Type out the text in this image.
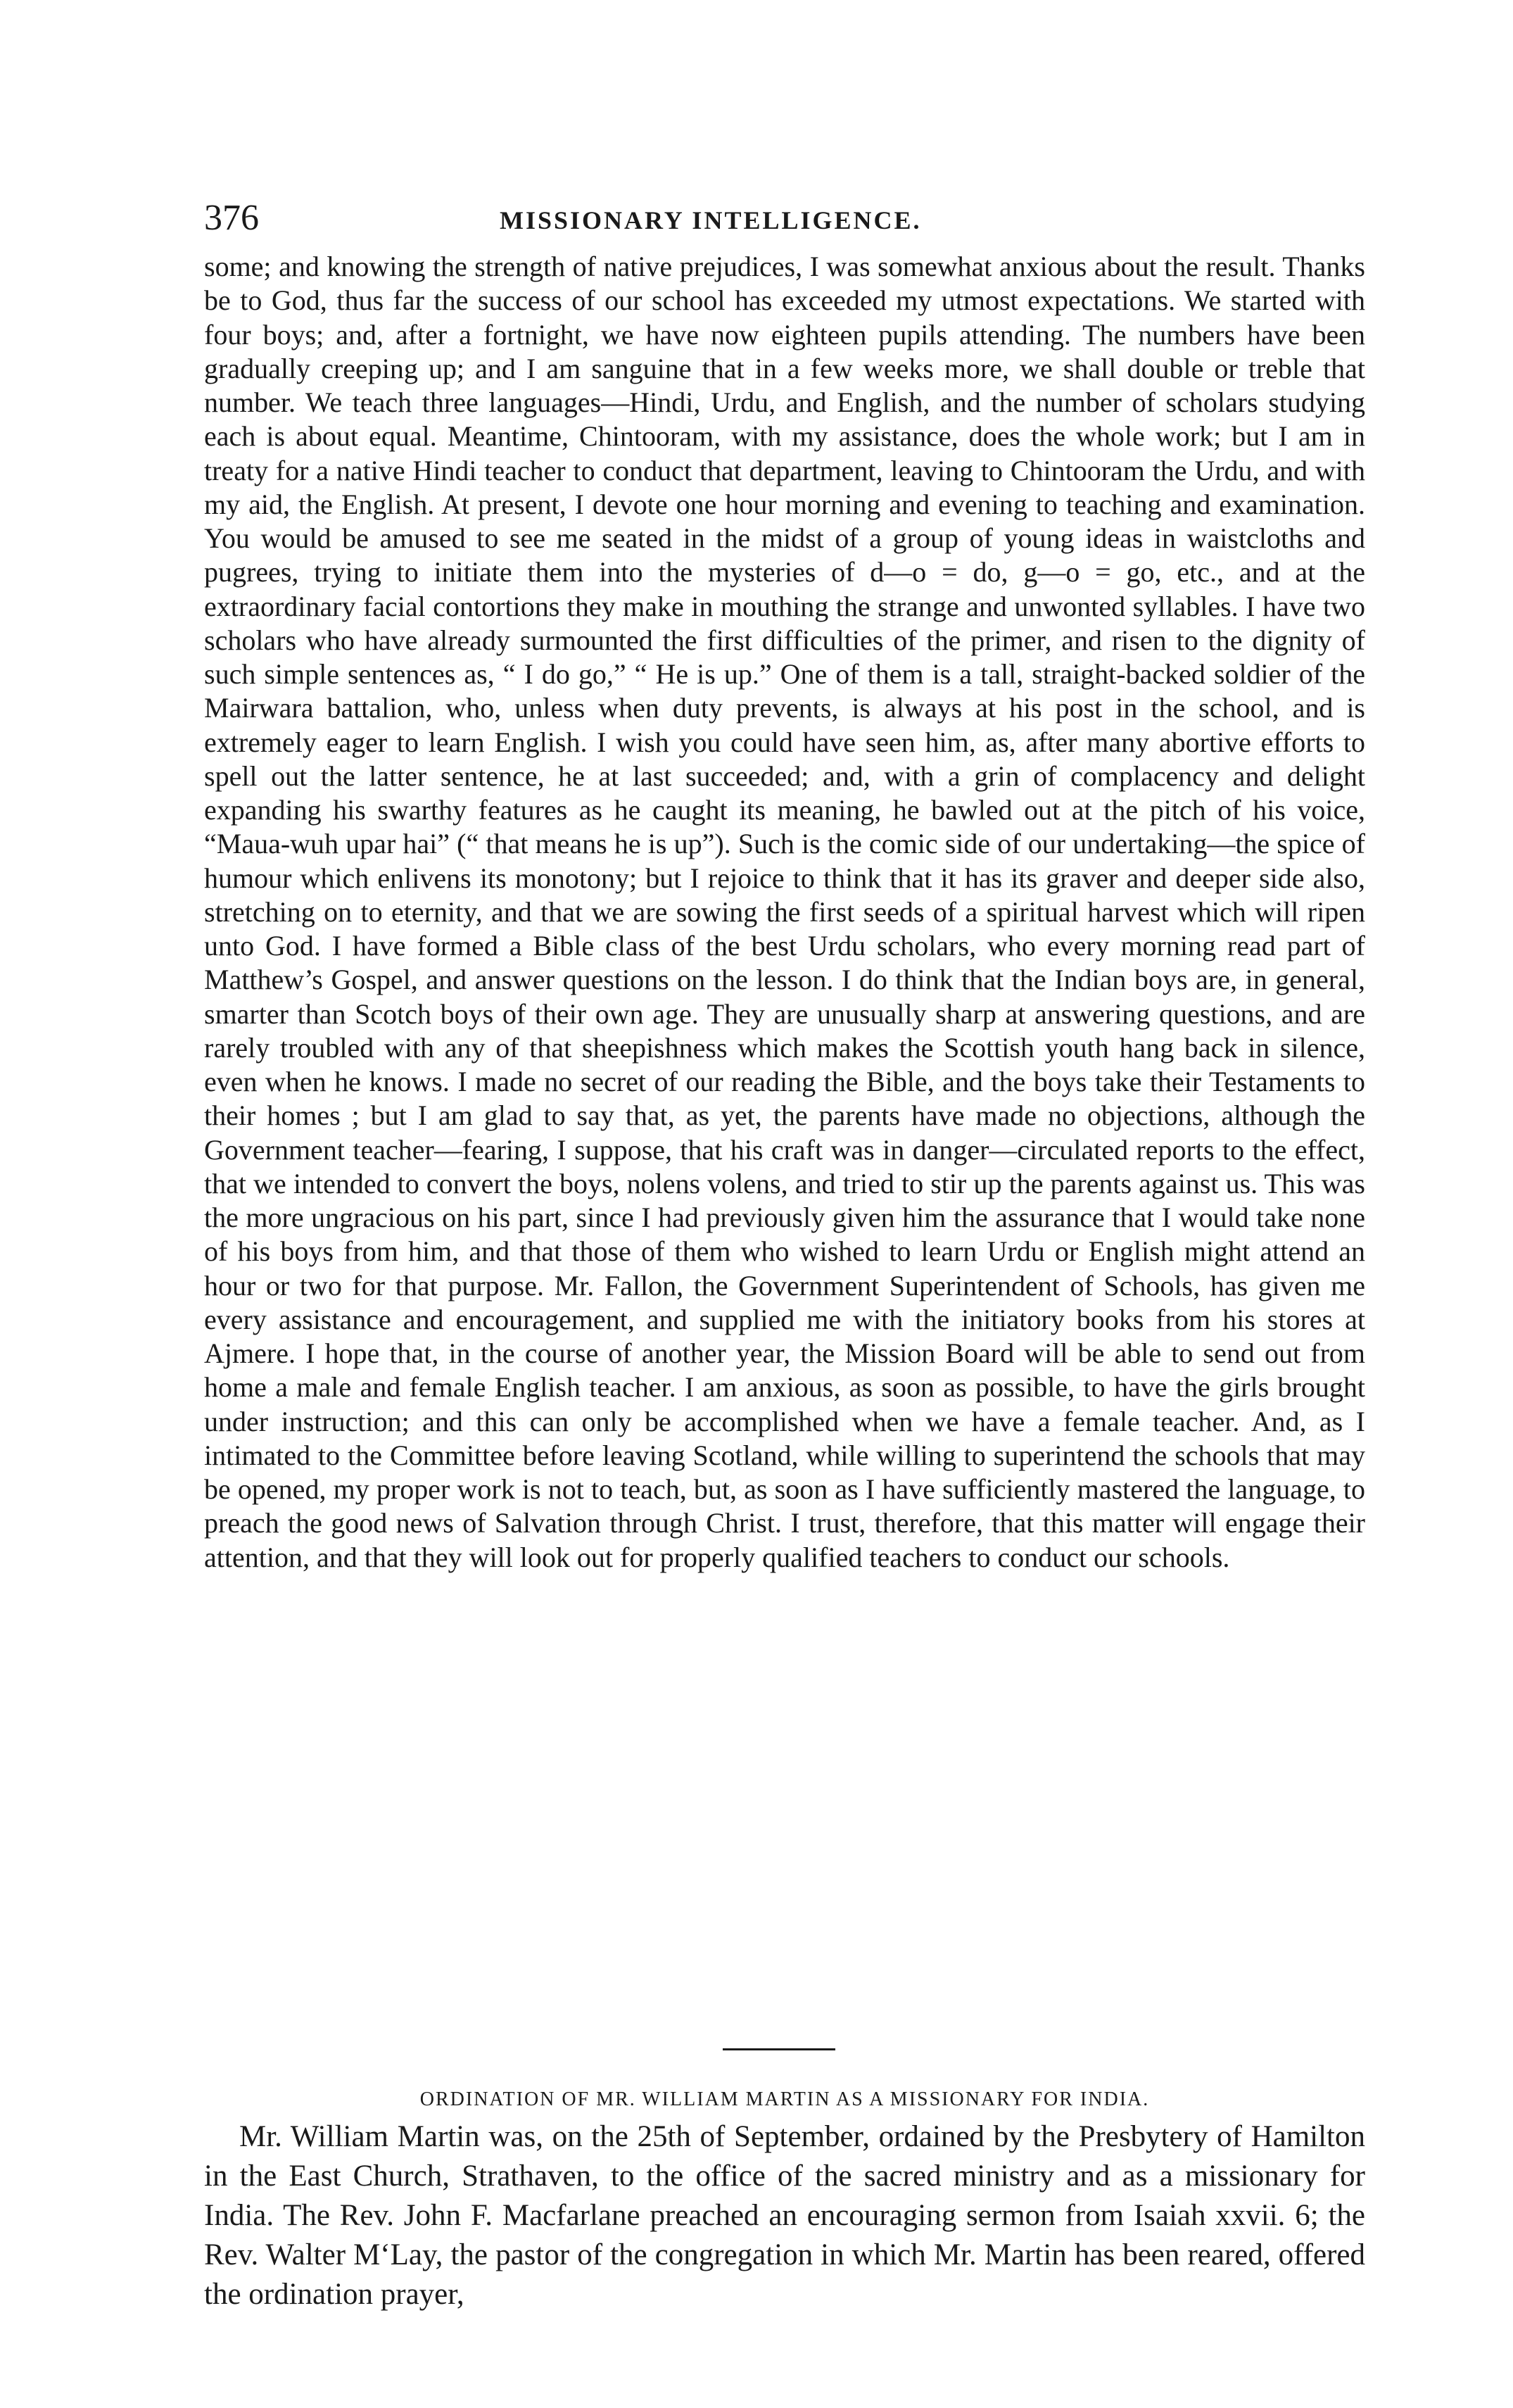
376	MISSIONARY INTELLIGENCE.

some; and knowing the strength of native prejudices, I was somewhat anxious about the result. Thanks be to God, thus far the success of our school has exceeded my utmost expectations. We started with four boys; and, after a fortnight, we have now eighteen pupils attending. The numbers have been gradually creeping up; and I am sanguine that in a few weeks more, we shall double or treble that number. We teach three languages—Hindi, Urdu, and English, and the number of scholars studying each is about equal. Meantime, Chintooram, with my assistance, does the whole work; but I am in treaty for a native Hindi teacher to conduct that department, leaving to Chintooram the Urdu, and with my aid, the English. At present, I devote one hour morning and evening to teaching and examination. You would be amused to see me seated in the midst of a group of young ideas in waistcloths and pugrees, trying to initiate them into the mysteries of d—o = do, g—o = go, etc., and at the extraordinary facial contortions they make in mouthing the strange and unwonted syllables. I have two scholars who have already surmounted the first difficulties of the primer, and risen to the dignity of such simple sentences as, “ I do go,” “ He is up.” One of them is a tall, straight-backed soldier of the Mairwara battalion, who, unless when duty prevents, is always at his post in the school, and is extremely eager to learn English. I wish you could have seen him, as, after many abortive efforts to spell out the latter sentence, he at last succeeded; and, with a grin of complacency and delight expanding his swarthy features as he caught its meaning, he bawled out at the pitch of his voice, “Maua-wuh upar hai” (“ that means he is up”). Such is the comic side of our undertaking—the spice of humour which enlivens its monotony; but I rejoice to think that it has its graver and deeper side also, stretching on to eternity, and that we are sowing the first seeds of a spiritual harvest which will ripen unto God. I have formed a Bible class of the best Urdu scholars, who every morning read part of Matthew’s Gospel, and answer questions on the lesson. I do think that the Indian boys are, in general, smarter than Scotch boys of their own age. They are unusually sharp at answering questions, and are rarely troubled with any of that sheepishness which makes the Scottish youth hang back in silence, even when he knows. I made no secret of our reading the Bible, and the boys take their Testaments to their homes ; but I am glad to say that, as yet, the parents have made no objections, although the Government teacher—fearing, I suppose, that his craft was in danger—circulated reports to the effect, that we intended to convert the boys, nolens volens, and tried to stir up the parents against us. This was the more ungracious on his part, since I had previously given him the assurance that I would take none of his boys from him, and that those of them who wished to learn Urdu or English might attend an hour or two for that purpose. Mr. Fallon, the Government Superintendent of Schools, has given me every assistance and encouragement, and supplied me with the initiatory books from his stores at Ajmere. I hope that, in the course of another year, the Mission Board will be able to send out from home a male and female English teacher. I am anxious, as soon as possible, to have the girls brought under instruction; and this can only be accomplished when we have a female teacher. And, as I intimated to the Committee before leaving Scotland, while willing to superintend the schools that may be opened, my proper work is not to teach, but, as soon as I have sufficiently mastered the language, to preach the good news of Salvation through Christ. I trust, therefore, that this matter will engage their attention, and that they will look out for properly qualified teachers to conduct our schools.

ORDINATION OF MR. WILLIAM MARTIN AS A MISSIONARY FOR INDIA.

Mr. William Martin was, on the 25th of September, ordained by the Presbytery of Hamilton in the East Church, Strathaven, to the office of the sacred ministry and as a missionary for India. The Rev. John F. Macfarlane preached an encouraging sermon from Isaiah xxvii. 6; the Rev. Walter M‘Lay, the pastor of the congregation in which Mr. Martin has been reared, offered the ordination prayer,
